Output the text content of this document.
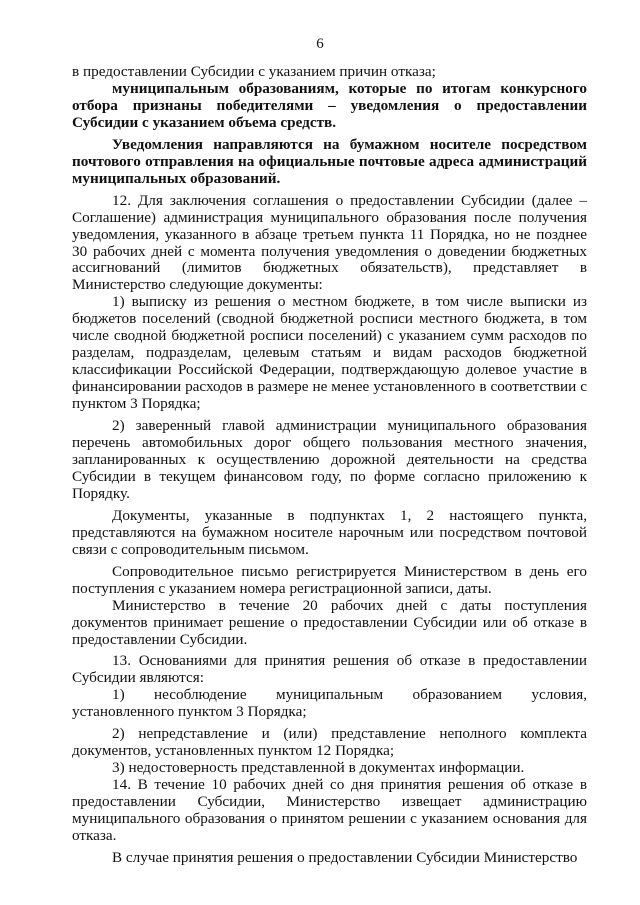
6

в предоставлении Субсидии с указанием причин отказа;

муниципальным образованиям, которые по итогам конкурсного отбора признаны победителями – уведомления о предоставлении Субсидии с указанием объема средств.

Уведомления направляются на бумажном носителе посредством почтового отправления на официальные почтовые адреса администраций муниципальных образований.

12. Для заключения соглашения о предоставлении Субсидии (далее – Соглашение) администрация муниципального образования после получения уведомления, указанного в абзаце третьем пункта 11 Порядка, но не позднее 30 рабочих дней с момента получения уведомления о доведении бюджетных ассигнований (лимитов бюджетных обязательств), представляет в Министерство следующие документы:

1) выписку из решения о местном бюджете, в том числе выписки из бюджетов поселений (сводной бюджетной росписи местного бюджета, в том числе сводной бюджетной росписи поселений) с указанием сумм расходов по разделам, подразделам, целевым статьям и видам расходов бюджетной классификации Российской Федерации, подтверждающую долевое участие в финансировании расходов в размере не менее установленного в соответствии с пунктом 3 Порядка;

2) заверенный главой администрации муниципального образования перечень автомобильных дорог общего пользования местного значения, запланированных к осуществлению дорожной деятельности на средства Субсидии в текущем финансовом году, по форме согласно приложению к Порядку.

Документы, указанные в подпунктах 1, 2 настоящего пункта, представляются на бумажном носителе нарочным или посредством почтовой связи с сопроводительным письмом.

Сопроводительное письмо регистрируется Министерством в день его поступления с указанием номера регистрационной записи, даты.

Министерство в течение 20 рабочих дней с даты поступления документов принимает решение о предоставлении Субсидии или об отказе в предоставлении Субсидии.

13. Основаниями для принятия решения об отказе в предоставлении Субсидии являются:

1) несоблюдение муниципальным образованием условия, установленного пунктом 3 Порядка;

2) непредставление и (или) представление неполного комплекта документов, установленных пунктом 12 Порядка;

3) недостоверность представленной в документах информации.

14. В течение 10 рабочих дней со дня принятия решения об отказе в предоставлении Субсидии, Министерство извещает администрацию муниципального образования о принятом решении с указанием основания для отказа.

В случае принятия решения о предоставлении Субсидии Министерство
